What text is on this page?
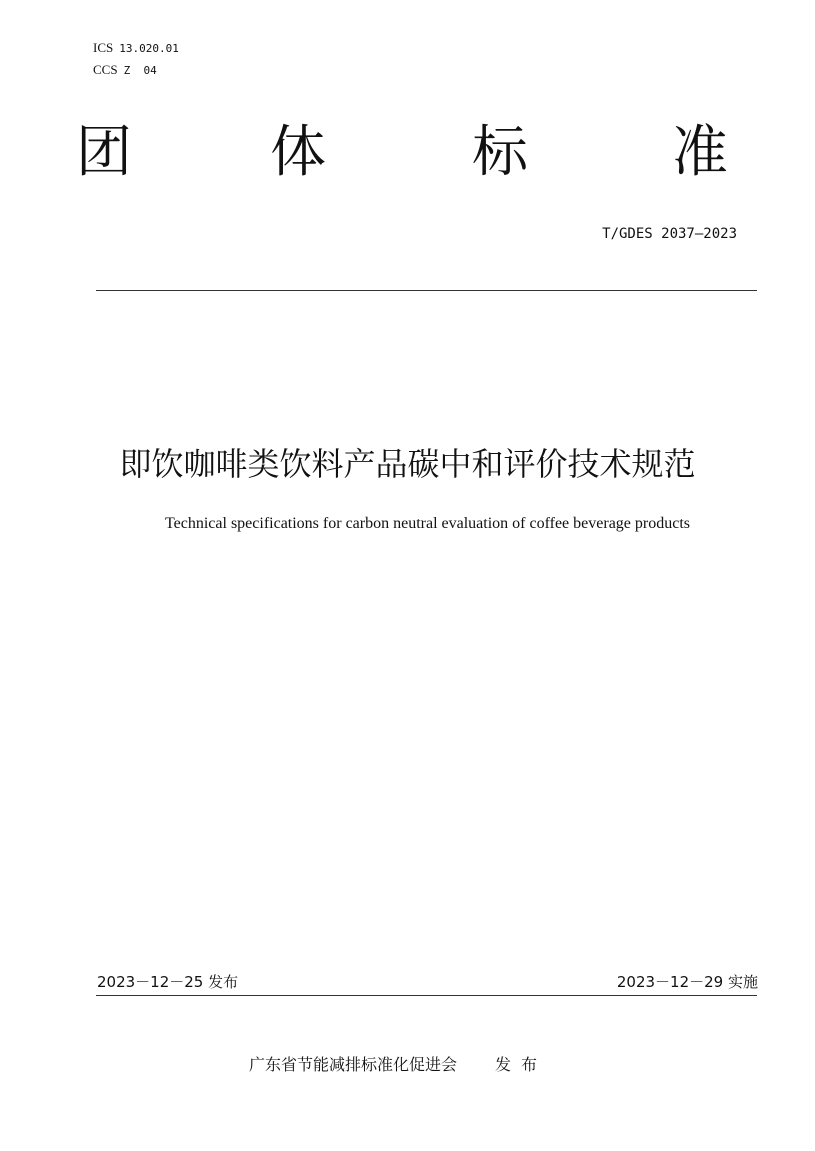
ICS 13.020.01
CCS Z  04
团 体	标	准
T/GDES 2037—2023
即饮咖啡类饮料产品碳中和评价技术规范
Technical specifications for carbon neutral evaluation of coffee beverage products
2023－12－25 发布	2023－12－29 实施
广东省节能减排标准化促进会 发布
